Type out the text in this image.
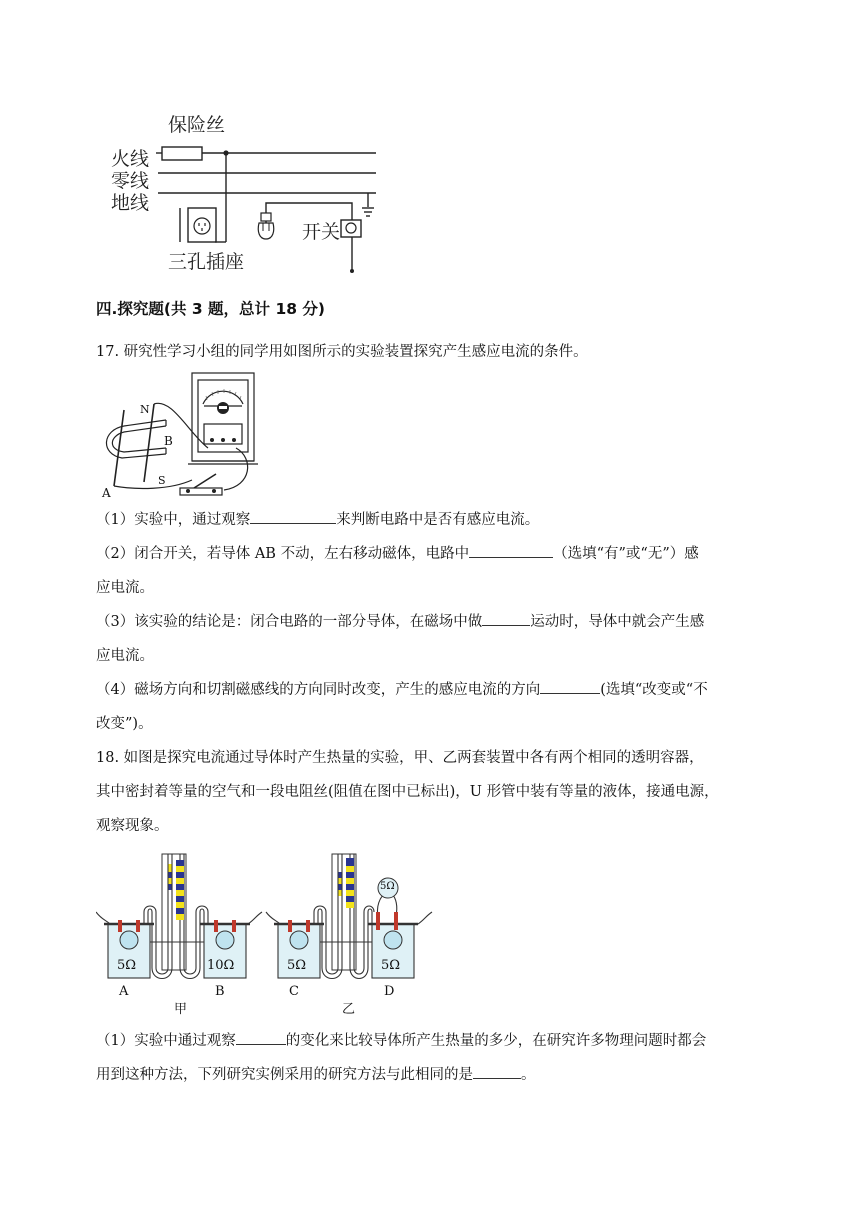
保险丝
火线
零线
地线
开关
三孔插座
四.探究题(共 3 题，总计 18 分)
17. 研究性学习小组的同学用如图所示的实验装置探究产生感应电流的条件。
N
B
S
A
（1）实验中，通过观察	来判断电路中是否有感应电流。
（2）闭合开关，若导体 AB 不动，左右移动磁体，电路中	（选填“有”或“无”）感
应电流。
（3）该实验的结论是：闭合电路的一部分导体，在磁场中做	运动时，导体中就会产生感
应电流。
（4）磁场方向和切割磁感线的方向同时改变，产生的感应电流的方向	(选填“改变或“不
改变”)。
18. 如图是探究电流通过导体时产生热量的实验，甲、乙两套装置中各有两个相同的透明容器，
其中密封着等量的空气和一段电阻丝(阻值在图中已标出)，U 形管中装有等量的液体，接通电源，
观察现象。
5Ω	10Ω	5Ω	5Ω
5Ω
A	B	C	D
甲	乙
（1）实验中通过观察	的变化来比较导体所产生热量的多少，在研究许多物理问题时都会
用到这种方法，下列研究实例采用的研究方法与此相同的是	。
